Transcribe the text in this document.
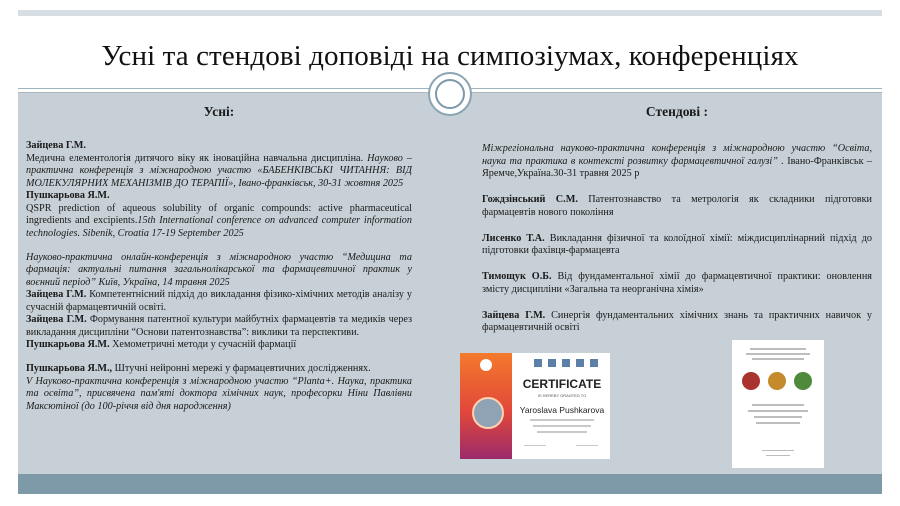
Усні та стендові доповіді на симпозіумах, конференціях
Усні:

Зайцева Г.М.
Медична елементологія дитячого віку як іноваційна навчальна дисципліна. Науково –практична конференція з міжнародною участю «БАБЕНКІВСЬКІ ЧИТАННЯ: ВІД МОЛЕКУЛЯРНИХ МЕХАНІЗМІВ ДО ТЕРАПІЇ», Івано-франківськ, 30-31 жовтня 2025

Пушкарьова Я.М.
QSPR prediction of aqueous solubility of organic compounds: active pharmaceutical ingredients and excipients.15th International conference on advanced computer information technologies. Sibenik, Croatia 17-19 September 2025

Науково-практична онлайн-конференція з міжнародною участю “Медицина та фармація: актуальні питання загальнолікарської та фармацевтичної практик у воєнний період” Київ, Україна, 14 травня 2025

Зайцева Г.М. Компетентнісний підхід до викладання фізико-хімічних методів аналізу у сучасній фармацевтичній освіті.

Зайцева Г.М. Формування патентної культури майбутніх фармацевтів та медиків через викладання дисципліни “Основи патентознавства”: виклики та перспективи.

Пушкарьова Я.М. Хемометричні методи у сучасній фармації

Пушкарьова Я.М., Штучні нейронні мережі у фармацевтичних дослідженнях.
V Науково-практична конференція з міжнародною участю “Planta+. Наука, практика та освіта”, присвячена пам'яті доктора хімічних наук, професорки Ніни Павлівни Максютіної (до 100-річчя від дня народження)

Стендові :

Міжрегіональна науково-практична конференція з міжнародною участю “Освіта, наука та практика в контексті розвитку фармацевтичної галузі” . Івано-Франківськ – Яремче,Україна.30-31 травня 2025 р

Гождзінський С.М. Патентознавство та метрологія як складники підготовки фармацевтів нового покоління

Лисенко Т.А. Викладання фізичної та колоїдної хімії: міждисциплінарний підхід до підготовки фахівця-фармацевта

Тимощук О.Б. Від фундаментальної хімії до фармацевтичної практики: оновлення змісту дисципліни «Загальна та неорганічна хімія»

Зайцева Г.М. Синергія фундаментальних хімічних знань та практичних навичок у фармацевтичній освіті

CERTIFICATE
IS HEREBY GRANTED TO
Yaroslava Pushkarova
